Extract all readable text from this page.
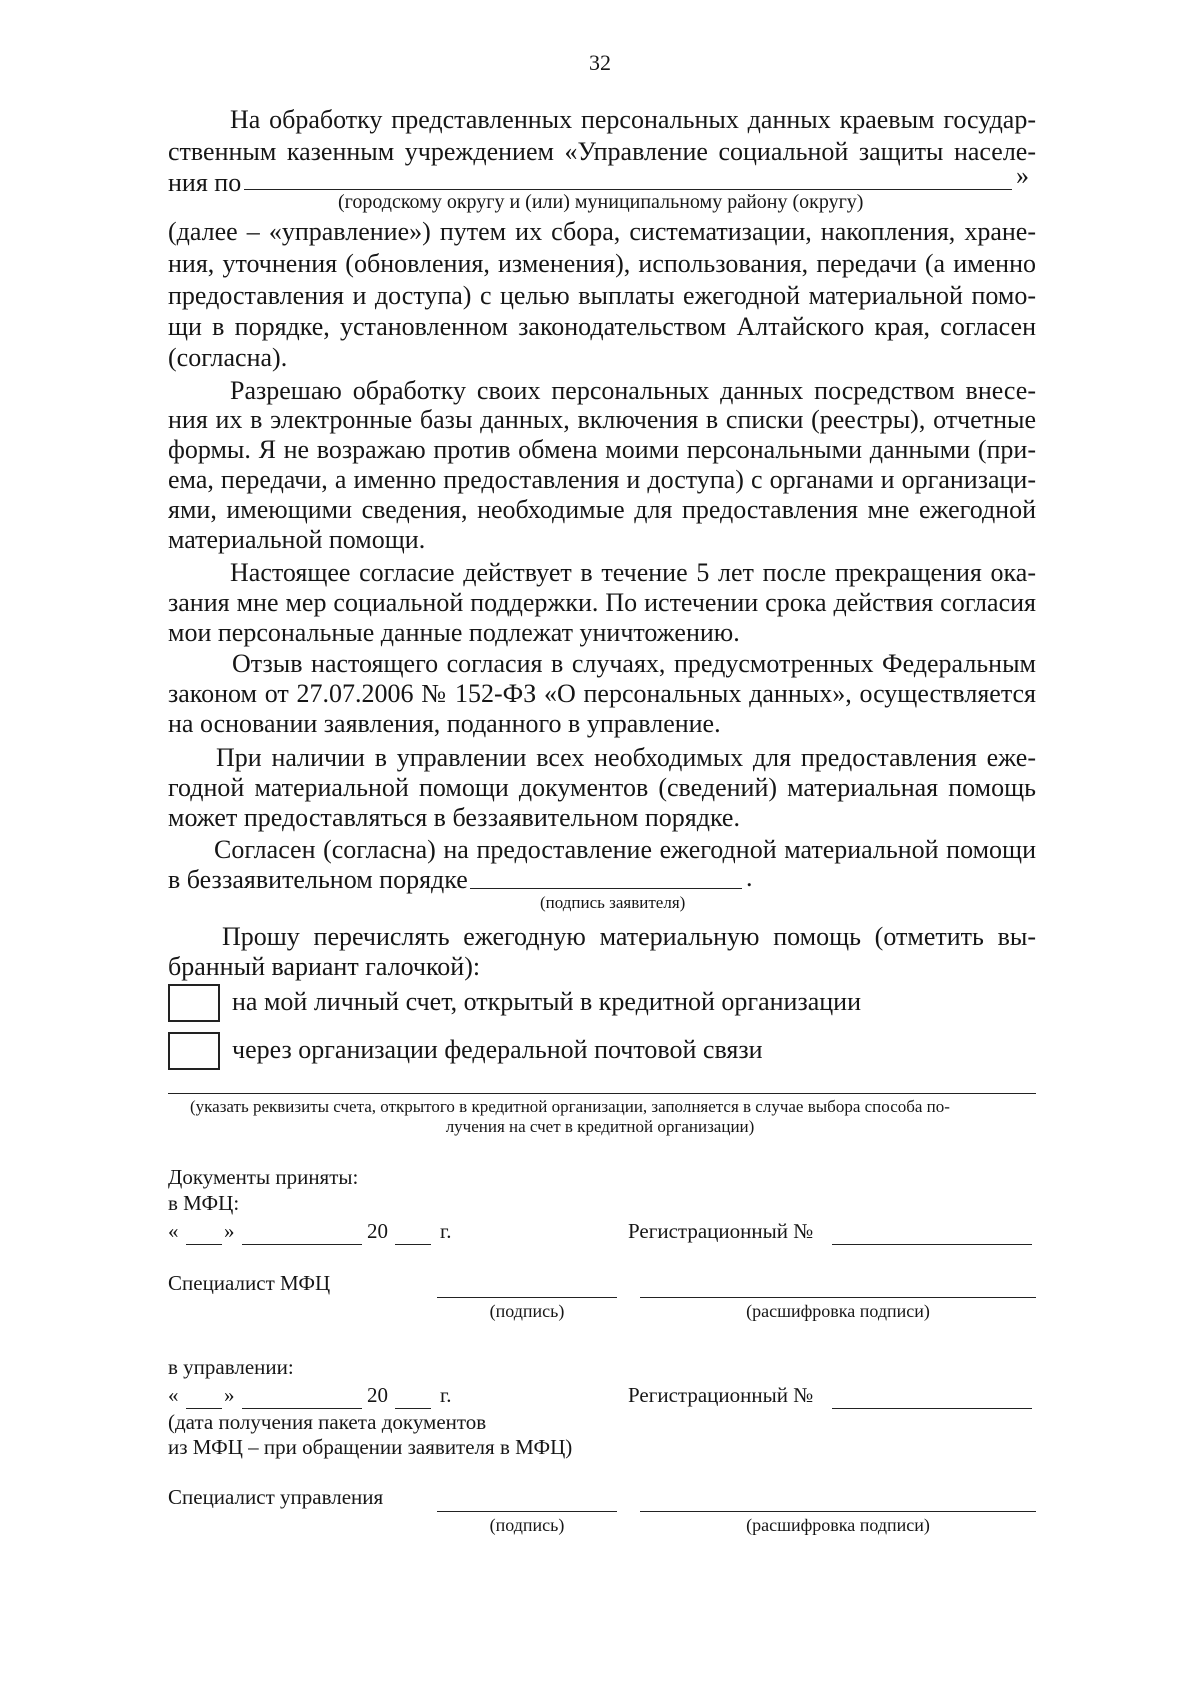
32
На обработку представленных персональных данных краевым государ-
ственным казенным учреждением «Управление социальной защиты населе-
ния по	»
(городскому округу и (или) муниципальному району (округу)
(далее – «управление») путем их сбора, систематизации, накопления, хране-
ния, уточнения (обновления, изменения), использования, передачи (а именно
предоставления и доступа) с целью выплаты ежегодной материальной помо-
щи в порядке, установленном законодательством Алтайского края, согласен
(согласна).
Разрешаю обработку своих персональных данных посредством внесе-
ния их в электронные базы данных, включения в списки (реестры), отчетные
формы. Я не возражаю против обмена моими персональными данными (при-
ема, передачи, а именно предоставления и доступа) с органами и организаци-
ями, имеющими сведения, необходимые для предоставления мне ежегодной
материальной помощи.
Настоящее согласие действует в течение 5 лет после прекращения ока-
зания мне мер социальной поддержки. По истечении срока действия согласия
мои персональные данные подлежат уничтожению.
Отзыв настоящего согласия в случаях, предусмотренных Федеральным
законом от 27.07.2006 № 152-ФЗ «О персональных данных», осуществляется
на основании заявления, поданного в управление.
При наличии в управлении всех необходимых для предоставления еже-
годной материальной помощи документов (сведений) материальная помощь
может предоставляться в беззаявительном порядке.
Согласен (согласна) на предоставление ежегодной материальной помощи
в беззаявительном порядке	.
(подпись заявителя)
Прошу перечислять ежегодную материальную помощь (отметить вы-
бранный вариант галочкой):
на мой личный счет, открытый в кредитной организации
через организации федеральной почтовой связи
(указать реквизиты счета, открытого в кредитной организации, заполняется в случае выбора способа по-
лучения на счет в кредитной организации)
Документы приняты:
в МФЦ:
« »	20 г.	Регистрационный №
Специалист МФЦ
(подпись)	(расшифровка подписи)
в управлении:
« »	20 г.	Регистрационный №
(дата получения пакета документов
из МФЦ – при обращении заявителя в МФЦ)
Специалист управления
(подпись)	(расшифровка подписи)
